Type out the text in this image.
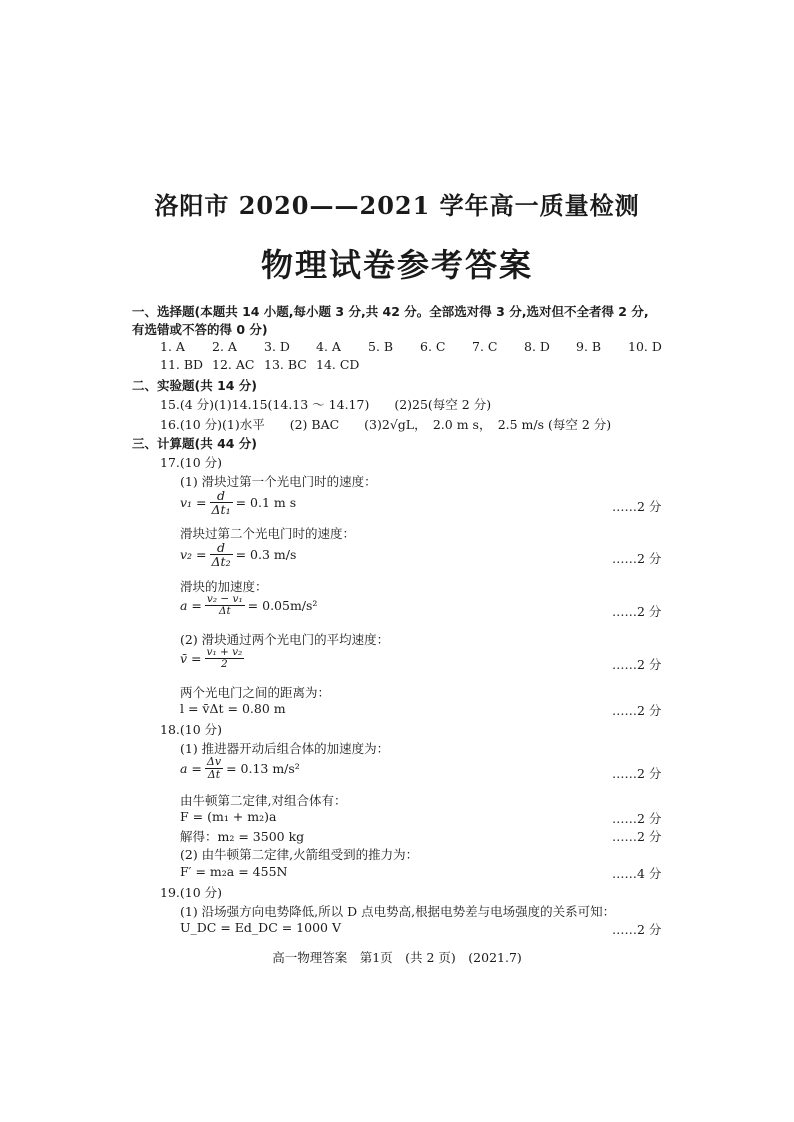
洛阳市 2020——2021 学年高一质量检测
物理试卷参考答案
一、选择题(本题共 14 小题,每小题 3 分,共 42 分。全部选对得 3 分,选对但不全者得 2 分,
有选错或不答的得 0 分)
1. A 2. A 3. D 4. A 5. B 6. C 7. C 8. D 9. B 10. D
11. BD 12. AC 13. BC 14. CD
二、实验题(共 14 分)
15.(4 分)(1)14.15(14.13 ～ 14.17)　　(2)25(每空 2 分)
16.(10 分)(1)水平　　(2) BAC　　(3)2√gL，　2.0 m s，　2.5 m/s (每空 2 分)
三、计算题(共 44 分)
17.(10 分)
(1) 滑块过第一个光电门时的速度：
$v_1 = \frac{d}{\text{Δt₁}} = 0.1$ m s	……2 分
滑块过第二个光电门时的速度：
$v_2 = \frac{d}{\text{Δt₂}} = 0.3$ m/s	……2 分
滑块的加速度：
$a = \frac{\text{v₂ − v₁}}{\Delta t} = 0.05m/s^2$	……2 分
(2) 滑块通过两个光电门的平均速度：
v̄ = $\frac{\text{v₁ + v₂}}{2}$	……2 分
两个光电门之间的距离为：
l = v̄Δt = 0.80 m	……2 分
18.(10 分)
(1) 推进器开动后组合体的加速度为：
$a = \frac{\Delta v}{\Delta t} = 0.13$ m/s²	……2 分
由牛顿第二定律,对组合体有：
F = (m₁ + m₂)a	……2 分
解得：m₂ = 3500 kg	……2 分
(2) 由牛顿第二定律,火箭组受到的推力为：
F′ = m₂a = 455N	……4 分
19.(10 分)
(1) 沿场强方向电势降低,所以 D 点电势高,根据电势差与电场强度的关系可知：
U_DC = Ed_DC = 1000 V	……2 分
高一物理答案　第1页　(共 2 页)　(2021.7)
